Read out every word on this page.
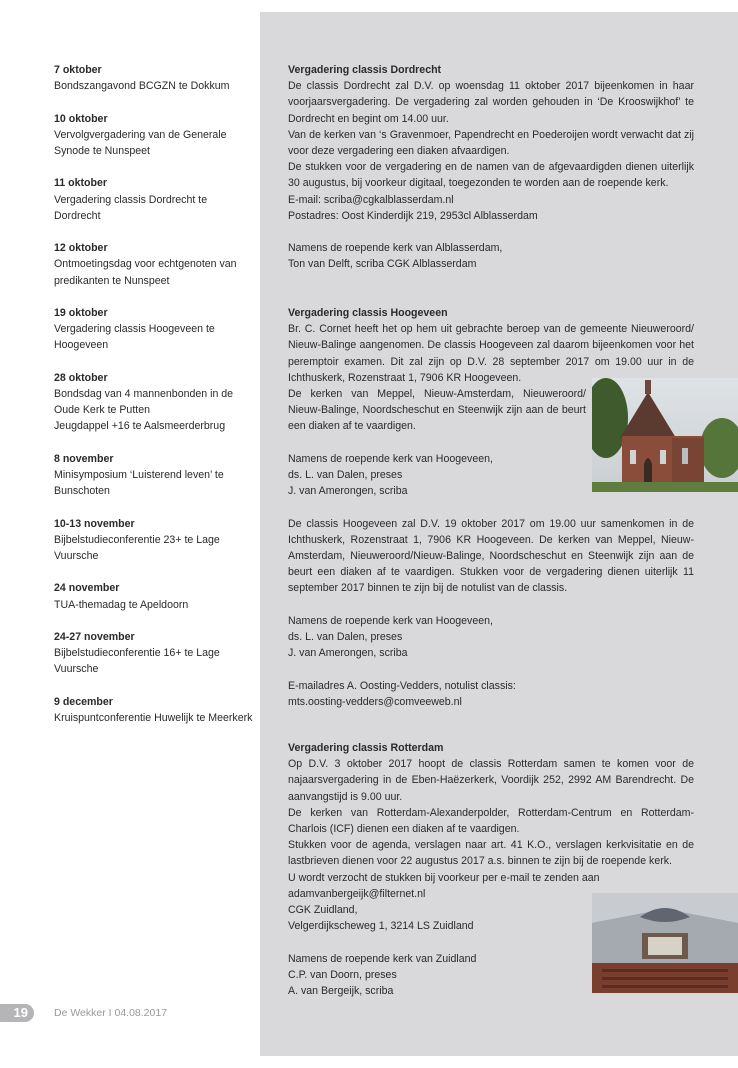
7 oktober
Bondszangavond BCGZN te Dokkum
10 oktober
Vervolgvergadering van de Generale
Synode te Nunspeet
11 oktober
Vergadering classis Dordrecht te
Dordrecht
12 oktober
Ontmoetingsdag voor echtgenoten van
predikanten te Nunspeet
19 oktober
Vergadering classis Hoogeveen te
Hoogeveen
28 oktober
Bondsdag van 4 mannenbonden in de
Oude Kerk te Putten
Jeugdappel +16 te Aalsmeerderbrug
8 november
Minisymposium ‘Luisterend leven’ te
Bunschoten
10-13 november
Bijbelstudieconferentie 23+ te Lage
Vuursche
24 november
TUA-themadag te Apeldoorn
24-27 november
Bijbelstudieconferentie 16+ te Lage
Vuursche
9 december
Kruispuntconferentie Huwelijk te Meerkerk
Vergadering classis Dordrecht
De classis Dordrecht zal D.V. op woensdag 11 oktober 2017 bijeenkomen in haar voorjaarsvergadering. De vergadering zal worden gehouden in ‘De Krooswijkhof’ te Dordrecht en begint om 14.00 uur.
Van de kerken van ‘s Gravenmoer, Papendrecht en Poederoijen wordt verwacht dat zij voor deze vergadering een diaken afvaardigen.
De stukken voor de vergadering en de namen van de afgevaardigden dienen uiterlijk 30 augustus, bij voorkeur digitaal, toegezonden te worden aan de roepende kerk.
E-mail: scriba@cgkalblasserdam.nl
Postadres: Oost Kinderdijk 219, 2953cl Alblasserdam
Namens de roepende kerk van Alblasserdam,
Ton van Delft, scriba CGK Alblasserdam
Vergadering classis Hoogeveen
Br. C. Cornet heeft het op hem uit gebrachte beroep van de gemeente Nieuweroord/ Nieuw-Balinge aangenomen. De classis Hoogeveen zal daarom bijeenkomen voor het peremptoir examen. Dit zal zijn op D.V. 28 september 2017 om 19.00 uur in de Ichthuskerk, Rozenstraat 1, 7906 KR Hoogeveen.
De kerken van Meppel, Nieuw-Amsterdam, Nieuweroord/ Nieuw-Balinge, Noordscheschut en Steenwijk zijn aan de beurt een diaken af te vaardigen.
Namens de roepende kerk van Hoogeveen,
ds. L. van Dalen, preses
J. van Amerongen, scriba
De classis Hoogeveen zal D.V. 19 oktober 2017 om 19.00 uur samenkomen in de Ichthuskerk, Rozenstraat 1, 7906 KR Hoogeveen. De kerken van Meppel, Nieuw-Amsterdam, Nieuweroord/Nieuw-Balinge, Noordscheschut en Steenwijk zijn aan de beurt een diaken af te vaardigen. Stukken voor de vergadering dienen uiterlijk 11 september 2017 binnen te zijn bij de notulist van de classis.
Namens de roepende kerk van Hoogeveen,
ds. L. van Dalen, preses
J. van Amerongen, scriba
E-mailadres A. Oosting-Vedders, notulist classis:
mts.oosting-vedders@comveeweb.nl
Vergadering classis Rotterdam
Op D.V. 3 oktober 2017 hoopt de classis Rotterdam samen te komen voor de najaarsvergadering in de Eben-Haëzerkerk, Voordijk 252, 2992 AM Barendrecht. De aanvangstijd is 9.00 uur.
De kerken van Rotterdam-Alexanderpolder, Rotterdam-Centrum en Rotterdam-Charlois (ICF) dienen een diaken af te vaardigen.
Stukken voor de agenda, verslagen naar art. 41 K.O., verslagen kerkvisitatie en de lastbrieven dienen voor 22 augustus 2017 a.s. binnen te zijn bij de roepende kerk.
U wordt verzocht de stukken bij voorkeur per e-mail te zenden aan
adamvanbergeijk@filternet.nl
CGK Zuidland,
Velgerdijkscheweg 1, 3214 LS Zuidland
Namens de roepende kerk van Zuidland
C.P. van Doorn, preses
A. van Bergeijk, scriba
19	De Wekker I 04.08.2017
